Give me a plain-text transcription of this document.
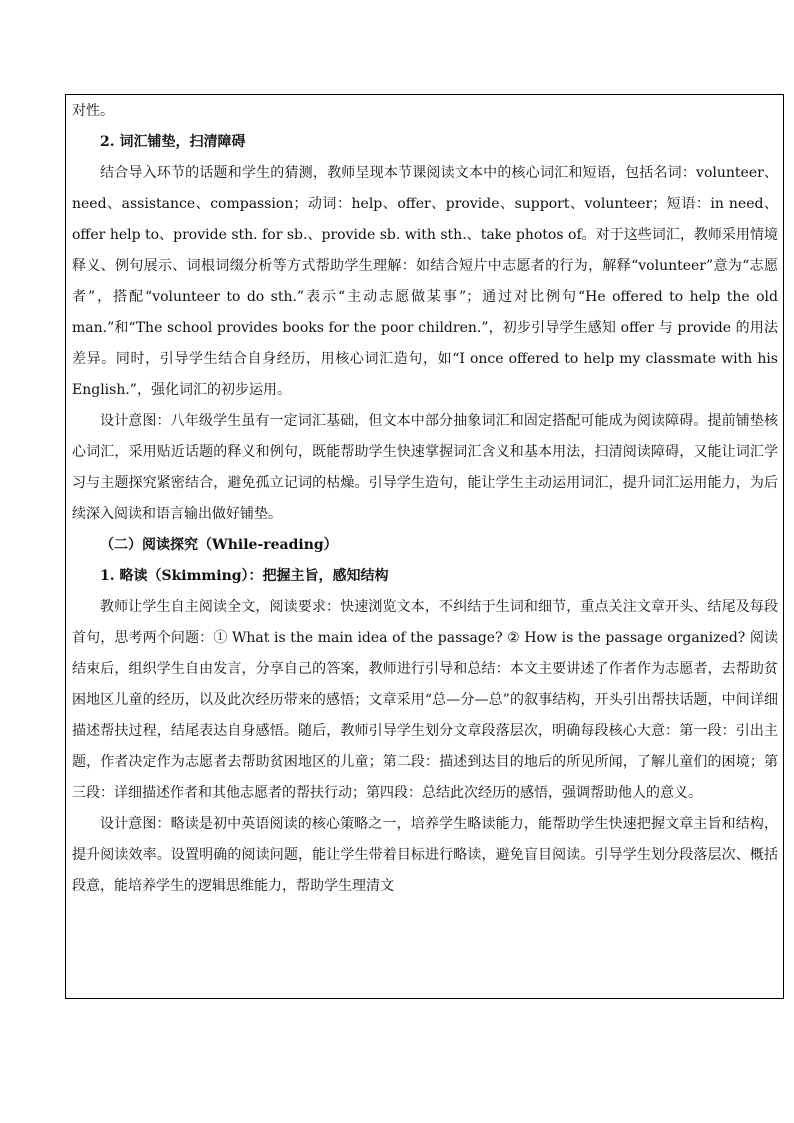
对性。

2. 词汇铺垫，扫清障碍

结合导入环节的话题和学生的猜测，教师呈现本节课阅读文本中的核心词汇和短语，包括名词：volunteer、need、assistance、compassion；动词：help、offer、provide、support、volunteer；短语：in need、offer help to、provide sth. for sb.、provide sb. with sth.、take photos of。对于这些词汇，教师采用情境释义、例句展示、词根词缀分析等方式帮助学生理解：如结合短片中志愿者的行为，解释“volunteer”意为“志愿者”，搭配“volunteer to do sth.”表示“主动志愿做某事”；通过对比例句“He offered to help the old man.”和“The school provides books for the poor children.”，初步引导学生感知 offer 与 provide 的用法差异。同时，引导学生结合自身经历，用核心词汇造句，如“I once offered to help my classmate with his English.”，强化词汇的初步运用。

设计意图：八年级学生虽有一定词汇基础，但文本中部分抽象词汇和固定搭配可能成为阅读障碍。提前铺垫核心词汇，采用贴近话题的释义和例句，既能帮助学生快速掌握词汇含义和基本用法，扫清阅读障碍，又能让词汇学习与主题探究紧密结合，避免孤立记词的枯燥。引导学生造句，能让学生主动运用词汇，提升词汇运用能力，为后续深入阅读和语言输出做好铺垫。

（二）阅读探究（While-reading）

1. 略读（Skimming）：把握主旨，感知结构

教师让学生自主阅读全文，阅读要求：快速浏览文本，不纠结于生词和细节，重点关注文章开头、结尾及每段首句，思考两个问题：① What is the main idea of the passage? ② How is the passage organized? 阅读结束后，组织学生自由发言，分享自己的答案，教师进行引导和总结：本文主要讲述了作者作为志愿者，去帮助贫困地区儿童的经历，以及此次经历带来的感悟；文章采用“总—分—总”的叙事结构，开头引出帮扶话题，中间详细描述帮扶过程，结尾表达自身感悟。随后，教师引导学生划分文章段落层次，明确每段核心大意：第一段：引出主题，作者决定作为志愿者去帮助贫困地区的儿童；第二段：描述到达目的地后的所见所闻，了解儿童们的困境；第三段：详细描述作者和其他志愿者的帮扶行动；第四段：总结此次经历的感悟，强调帮助他人的意义。

设计意图：略读是初中英语阅读的核心策略之一，培养学生略读能力，能帮助学生快速把握文章主旨和结构，提升阅读效率。设置明确的阅读问题，能让学生带着目标进行略读，避免盲目阅读。引导学生划分段落层次、概括段意，能培养学生的逻辑思维能力，帮助学生理清文
